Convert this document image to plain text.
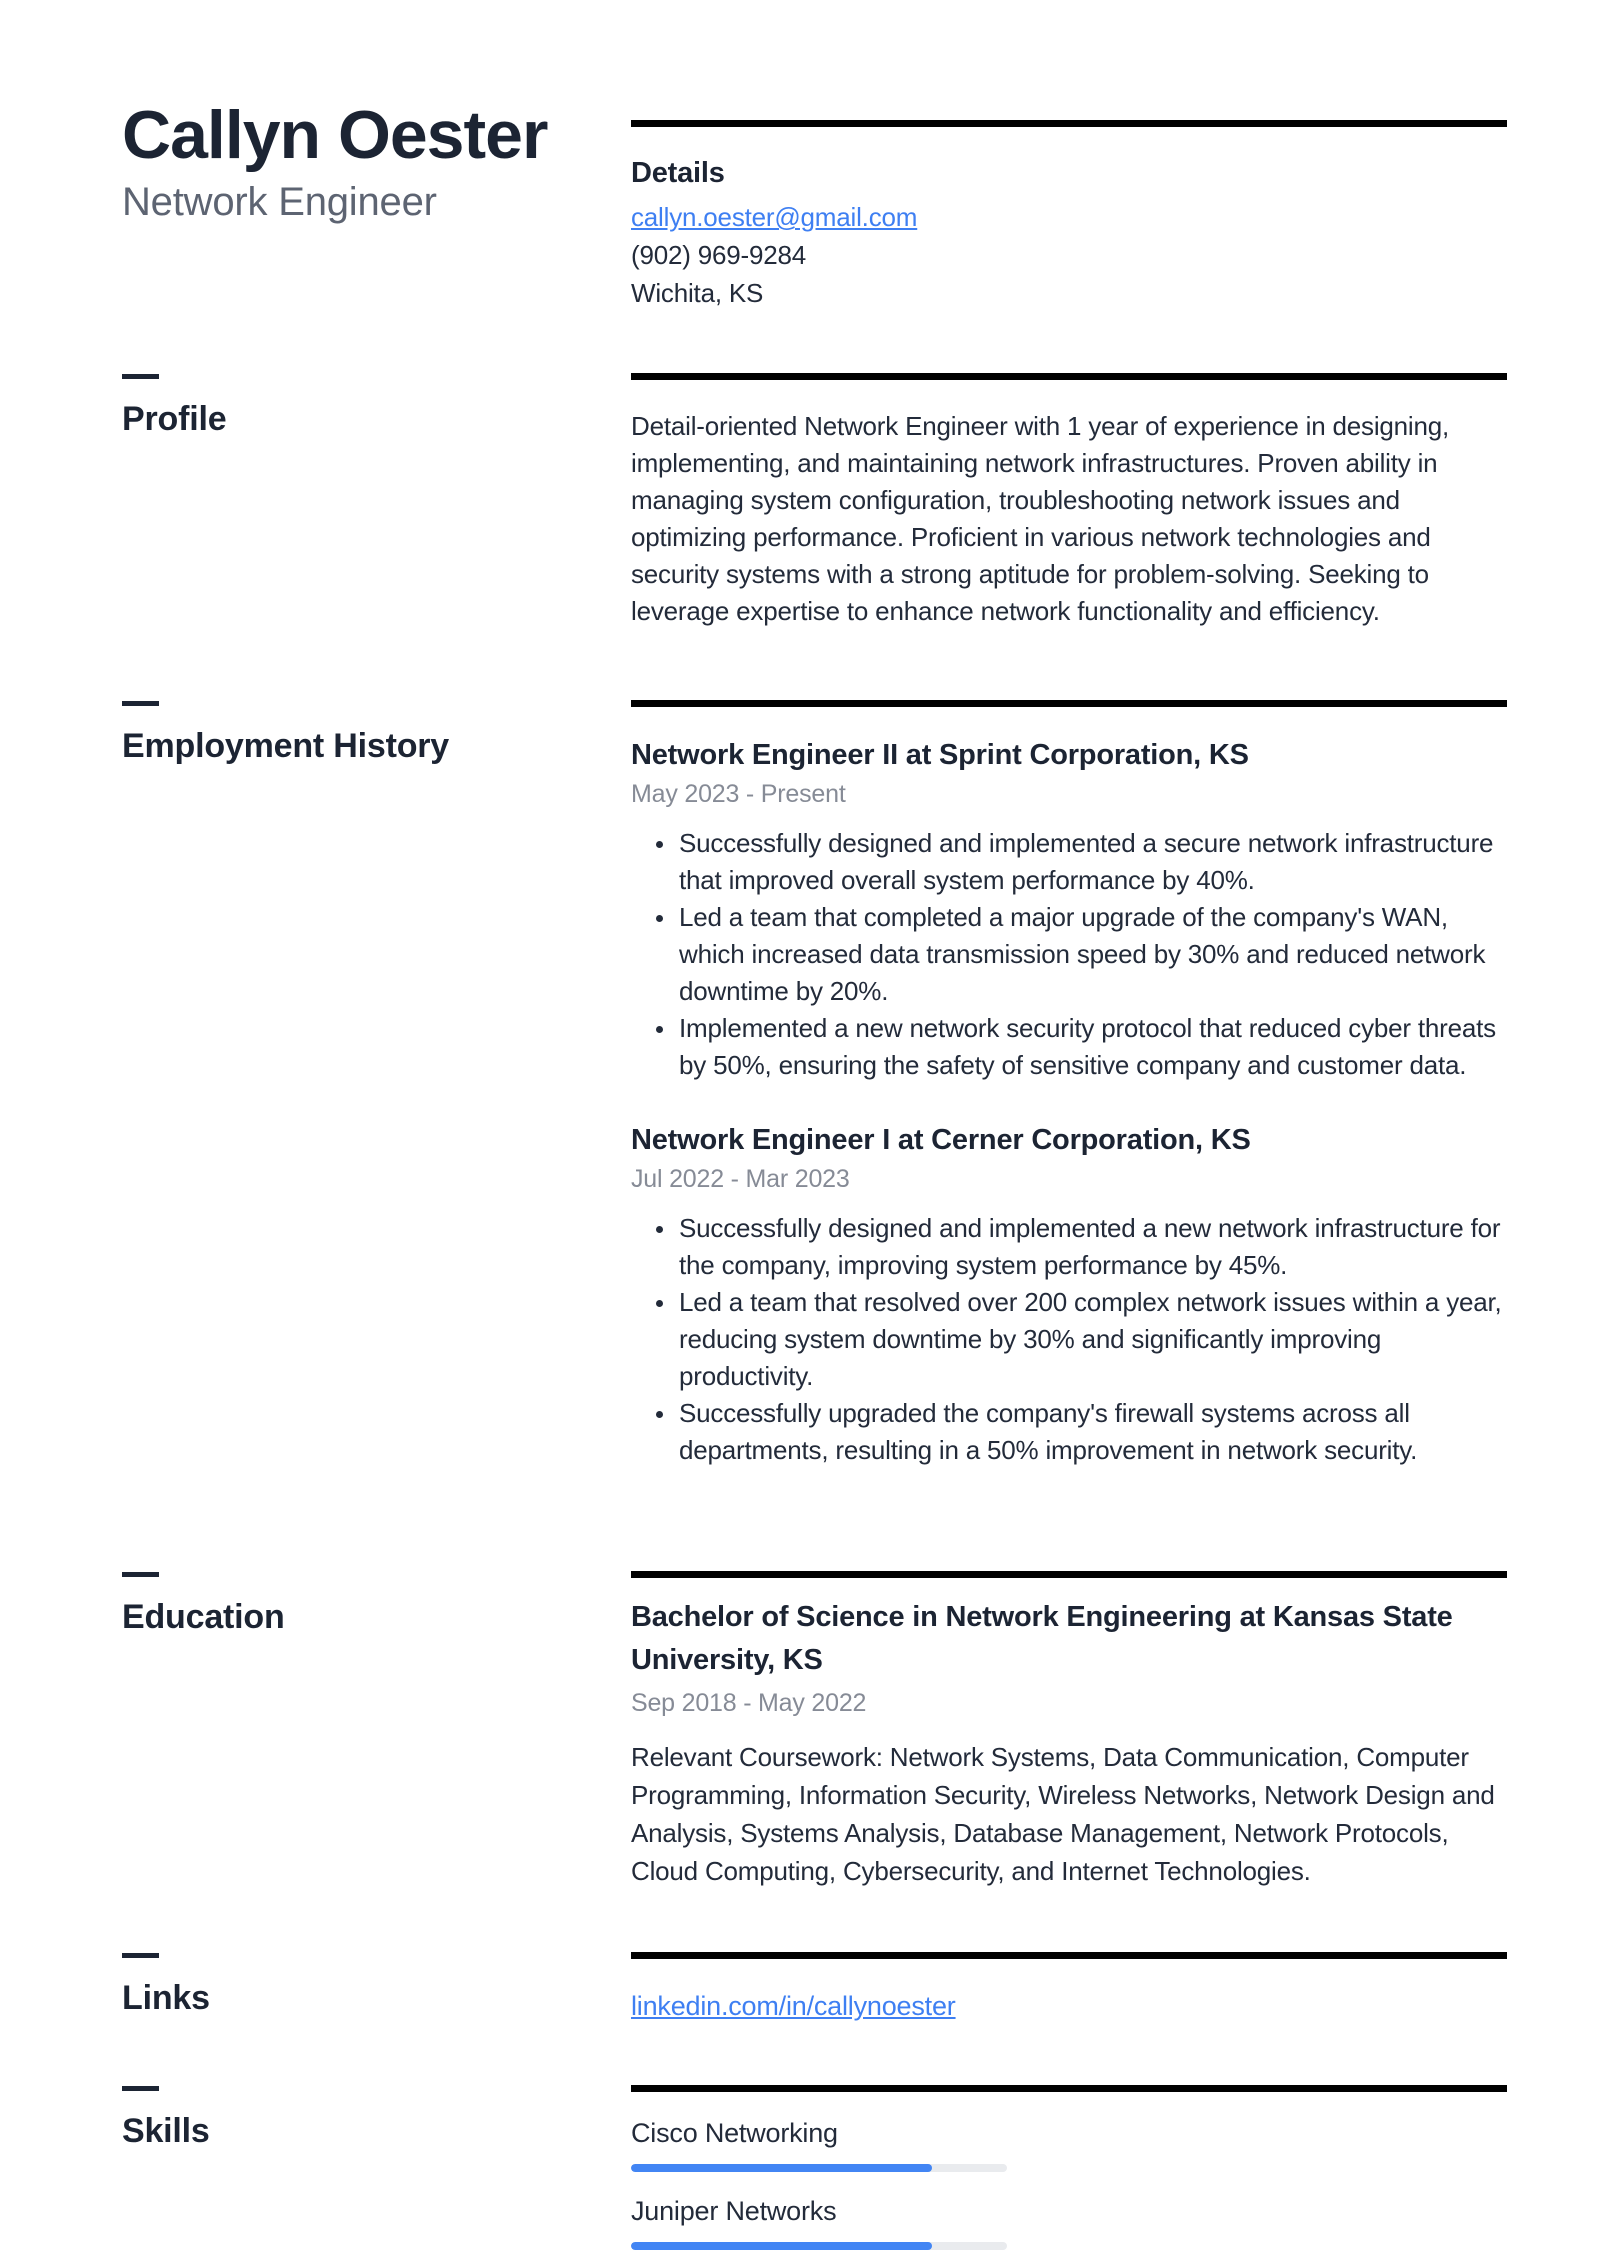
Callyn Oester
Network Engineer
Details
callyn.oester@gmail.com
(902) 969-9284
Wichita, KS
Profile	Detail-oriented Network Engineer with 1 year of experience in designing, implementing, and maintaining network infrastructures. Proven ability in managing system configuration, troubleshooting network issues and optimizing performance. Proficient in various network technologies and security systems with a strong aptitude for problem-solving. Seeking to leverage expertise to enhance network functionality and efficiency.

Employment History	Network Engineer II at Sprint Corporation, KS
May 2023 - Present
• Successfully designed and implemented a secure network infrastructure that improved overall system performance by 40%.
• Led a team that completed a major upgrade of the company's WAN, which increased data transmission speed by 30% and reduced network downtime by 20%.
• Implemented a new network security protocol that reduced cyber threats by 50%, ensuring the safety of sensitive company and customer data.
Network Engineer I at Cerner Corporation, KS
Jul 2022 - Mar 2023
• Successfully designed and implemented a new network infrastructure for the company, improving system performance by 45%.
• Led a team that resolved over 200 complex network issues within a year, reducing system downtime by 30% and significantly improving productivity.
• Successfully upgraded the company's firewall systems across all departments, resulting in a 50% improvement in network security.
Education	Bachelor of Science in Network Engineering at Kansas State University, KS
Sep 2018 - May 2022

Relevant Coursework: Network Systems, Data Communication, Computer Programming, Information Security, Wireless Networks, Network Design and Analysis, Systems Analysis, Database Management, Network Protocols, Cloud Computing, Cybersecurity, and Internet Technologies.

Links	linkedin.com/in/callynoester
Skills	Cisco Networking
Juniper Networks
